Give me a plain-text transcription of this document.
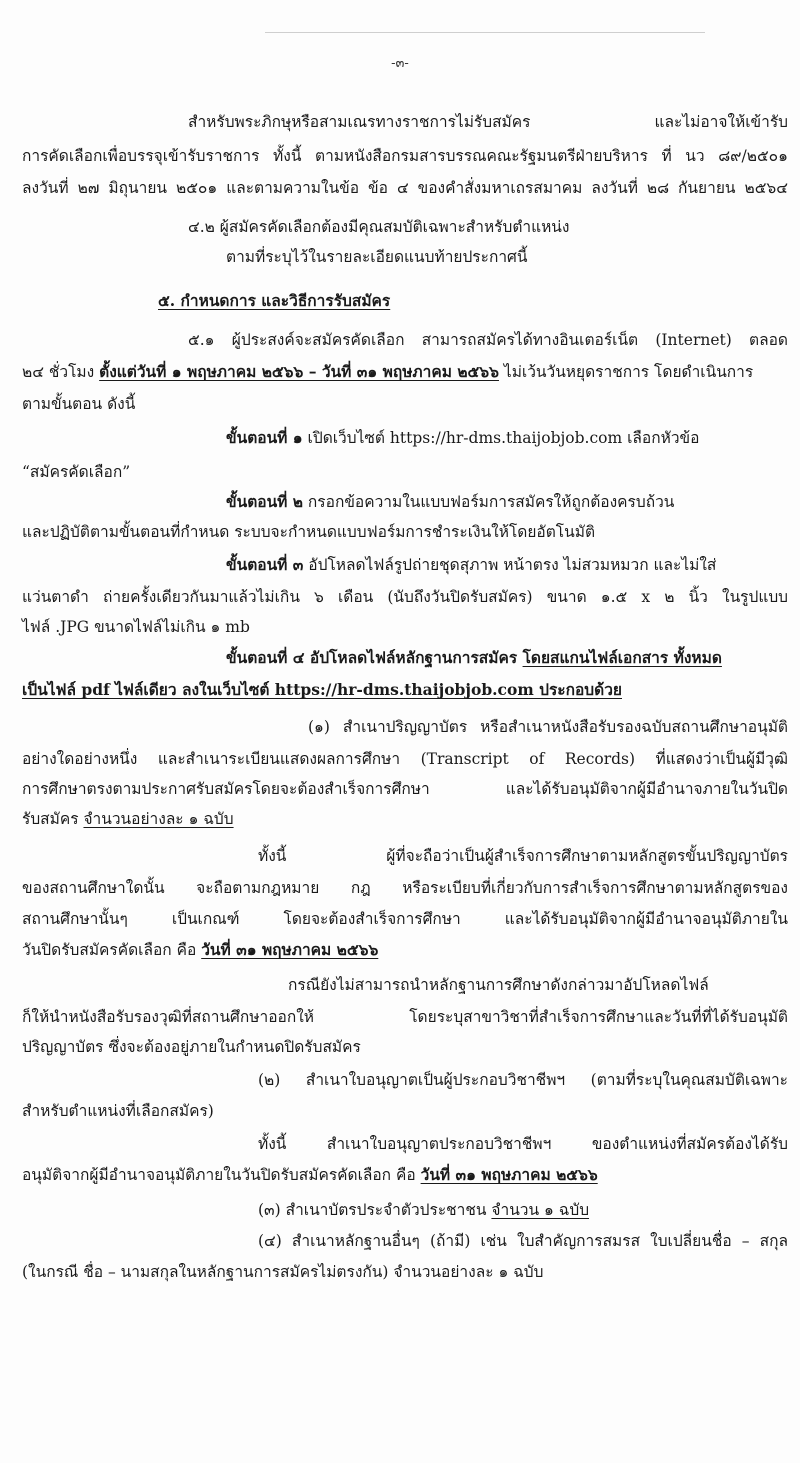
-๓-
สำหรับพระภิกษุหรือสามเณรทางราชการไม่รับสมัคร และไม่อาจให้เข้ารับ
การคัดเลือกเพื่อบรรจุเข้ารับราชการ ทั้งนี้ ตามหนังสือกรมสารบรรณคณะรัฐมนตรีฝ่ายบริหาร ที่ นว ๘๙/๒๕๐๑
ลงวันที่ ๒๗ มิถุนายน ๒๕๐๑ และตามความในข้อ ข้อ ๔ ของคำสั่งมหาเถรสมาคม ลงวันที่ ๒๘ กันยายน ๒๕๖๔
๔.๒ ผู้สมัครคัดเลือกต้องมีคุณสมบัติเฉพาะสำหรับตำแหน่ง
ตามที่ระบุไว้ในรายละเอียดแนบท้ายประกาศนี้
๕. กำหนดการ และวิธีการรับสมัคร
๕.๑ ผู้ประสงค์จะสมัครคัดเลือก สามารถสมัครได้ทางอินเตอร์เน็ต (Internet) ตลอด
๒๔ ชั่วโมง ตั้งแต่วันที่ ๑ พฤษภาคม ๒๕๖๖ – วันที่ ๓๑ พฤษภาคม ๒๕๖๖ ไม่เว้นวันหยุดราชการ โดยดำเนินการ
ตามขั้นตอน ดังนี้
ขั้นตอนที่ ๑ เปิดเว็บไซต์ https://hr-dms.thaijobjob.com เลือกหัวข้อ
“สมัครคัดเลือก”
ขั้นตอนที่ ๒ กรอกข้อความในแบบฟอร์มการสมัครให้ถูกต้องครบถ้วน
และปฏิบัติตามขั้นตอนที่กำหนด ระบบจะกำหนดแบบฟอร์มการชำระเงินให้โดยอัตโนมัติ
ขั้นตอนที่ ๓ อัปโหลดไฟล์รูปถ่ายชุดสุภาพ หน้าตรง ไม่สวมหมวก และไม่ใส่
แว่นตาดำ ถ่ายครั้งเดียวกันมาแล้วไม่เกิน ๖ เดือน (นับถึงวันปิดรับสมัคร) ขนาด ๑.๕ x ๒ นิ้ว ในรูปแบบ
ไฟล์ .JPG ขนาดไฟล์ไม่เกิน ๑ mb
ขั้นตอนที่ ๔ อัปโหลดไฟล์หลักฐานการสมัคร โดยสแกนไฟล์เอกสาร ทั้งหมด
เป็นไฟล์ pdf ไฟล์เดียว ลงในเว็บไซต์ https://hr-dms.thaijobjob.com ประกอบด้วย
(๑) สำเนาปริญญาบัตร หรือสำเนาหนังสือรับรองฉบับสถานศึกษาอนุมัติ
อย่างใดอย่างหนึ่ง และสำเนาระเบียนแสดงผลการศึกษา (Transcript of Records) ที่แสดงว่าเป็นผู้มีวุฒิ
การศึกษาตรงตามประกาศรับสมัครโดยจะต้องสำเร็จการศึกษา และได้รับอนุมัติจากผู้มีอำนาจภายในวันปิด
รับสมัคร จำนวนอย่างละ ๑ ฉบับ
ทั้งนี้ ผู้ที่จะถือว่าเป็นผู้สำเร็จการศึกษาตามหลักสูตรขั้นปริญญาบัตร
ของสถานศึกษาใดนั้น จะถือตามกฎหมาย กฎ หรือระเบียบที่เกี่ยวกับการสำเร็จการศึกษาตามหลักสูตรของ
สถานศึกษานั้นๆ เป็นเกณฑ์ โดยจะต้องสำเร็จการศึกษา และได้รับอนุมัติจากผู้มีอำนาจอนุมัติภายใน
วันปิดรับสมัครคัดเลือก คือ วันที่ ๓๑ พฤษภาคม ๒๕๖๖
กรณียังไม่สามารถนำหลักฐานการศึกษาดังกล่าวมาอัปโหลดไฟล์
ก็ให้นำหนังสือรับรองวุฒิที่สถานศึกษาออกให้ โดยระบุสาขาวิชาที่สำเร็จการศึกษาและวันที่ที่ได้รับอนุมัติ
ปริญญาบัตร ซึ่งจะต้องอยู่ภายในกำหนดปิดรับสมัคร
(๒) สำเนาใบอนุญาตเป็นผู้ประกอบวิชาชีพฯ (ตามที่ระบุในคุณสมบัติเฉพาะ
สำหรับตำแหน่งที่เลือกสมัคร)
ทั้งนี้ สำเนาใบอนุญาตประกอบวิชาชีพฯ ของตำแหน่งที่สมัครต้องได้รับ
อนุมัติจากผู้มีอำนาจอนุมัติภายในวันปิดรับสมัครคัดเลือก คือ วันที่ ๓๑ พฤษภาคม ๒๕๖๖
(๓) สำเนาบัตรประจำตัวประชาชน จำนวน ๑ ฉบับ
(๔) สำเนาหลักฐานอื่นๆ (ถ้ามี) เช่น ใบสำคัญการสมรส ใบเปลี่ยนชื่อ – สกุล
(ในกรณี ชื่อ – นามสกุลในหลักฐานการสมัครไม่ตรงกัน) จำนวนอย่างละ ๑ ฉบับ
